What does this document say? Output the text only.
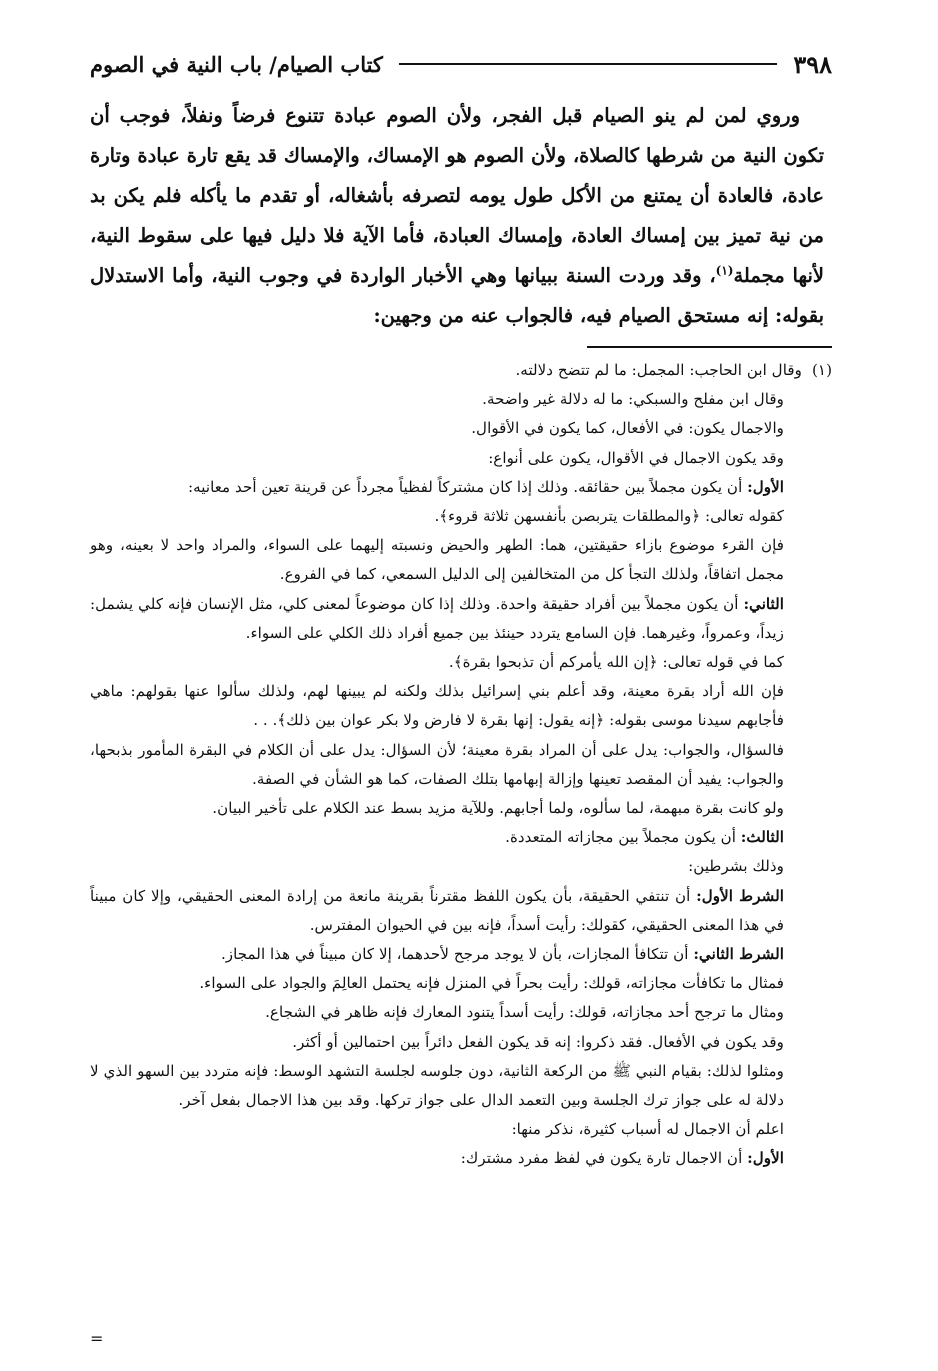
٣٩٨
كتاب الصيام/ باب النية في الصوم

وروي لمن لم ينو الصيام قبل الفجر، ولأن الصوم عبادة تتنوع فرضاً ونفلاً، فوجب أن تكون النية من شرطها كالصلاة، ولأن الصوم هو الإمساك، والإمساك قد يقع تارة عبادة وتارة عادة، فالعادة أن يمتنع من الأكل طول يومه لتصرفه بأشغاله، أو تقدم ما يأكله فلم يكن بد من نية تميز بين إمساك العادة، وإمساك العبادة، فأما الآية فلا دليل فيها على سقوط النية، لأنها مجملة$^{(١)}$، وقد وردت السنة ببيانها وهي الأخبار الواردة في وجوب النية، وأما الاستدلال بقوله: إنه مستحق الصيام فيه، فالجواب عنه من وجهين:

(١)وقال ابن الحاجب: المجمل: ما لم تتضح دلالته.

وقال ابن مفلح والسبكي: ما له دلالة غير واضحة.

والاجمال يكون: في الأفعال، كما يكون في الأقوال.

وقد يكون الاجمال في الأقوال، يكون على أنواع:

الأول: أن يكون مجملاً بين حقائقه. وذلك إذا كان مشتركاً لفظياً مجرداً عن قرينة تعين أحد معانيه:

كقوله تعالى: ﴿والمطلقات يتربصن بأنفسهن ثلاثة قروء﴾.

فإن القرء موضوع بازاء حقيقتين، هما: الطهر والحيض ونسبته إليهما على السواء، والمراد واحد لا بعينه، وهو مجمل اتفاقاً، ولذلك التجأ كل من المتخالفين إلى الدليل السمعي، كما في الفروع.

الثاني: أن يكون مجملاً بين أفراد حقيقة واحدة. وذلك إذا كان موضوعاً لمعنى كلي، مثل الإنسان فإنه كلي يشمل: زيداً، وعمرواً، وغيرهما. فإن السامع يتردد حينئذ بين جميع أفراد ذلك الكلي على السواء.

كما في قوله تعالى: ﴿إن الله يأمركم أن تذبحوا بقرة﴾.

فإن الله أراد بقرة معينة، وقد أعلم بني إسرائيل بذلك ولكنه لم يبينها لهم، ولذلك سألوا عنها بقولهم: ماهي فأجابهم سيدنا موسى بقوله: ﴿إنه يقول: إنها بقرة لا فارض ولا بكر عوان بين ذلك﴾. . .

فالسؤال، والجواب: يدل على أن المراد بقرة معينة؛ لأن السؤال: يدل على أن الكلام في البقرة المأمور بذبحها، والجواب: يفيد أن المقصد تعينها وإزالة إبهامها بتلك الصفات، كما هو الشأن في الصفة.

ولو كانت بقرة مبهمة، لما سألوه، ولما أجابهم. وللآية مزيد بسط عند الكلام على تأخير البيان.

الثالث: أن يكون مجملاً بين مجازاته المتعددة.

وذلك بشرطين:

الشرط الأول: أن تنتفي الحقيقة، بأن يكون اللفظ مقترناً بقرينة مانعة من إرادة المعنى الحقيقي، وإلا كان مبيناً في هذا المعنى الحقيقي، كقولك: رأيت أسداً، فإنه بين في الحيوان المفترس.

الشرط الثاني: أن تتكافأ المجازات، بأن لا يوجد مرجح لأحدهما، إلا كان مبيناً في هذا المجاز.

فمثال ما تكافأت مجازاته، قولك: رأيت بحراً في المنزل فإنه يحتمل العالِمَ والجواد على السواء.

ومثال ما ترجح أحد مجازاته، قولك: رأيت أسداً يتنود المعارك فإنه ظاهر في الشجاع.

وقد يكون في الأفعال. فقد ذكروا: إنه قد يكون الفعل دائراً بين احتمالين أو أكثر.

ومثلوا لذلك: بقيام النبي ﷺ من الركعة الثانية، دون جلوسه لجلسة التشهد الوسط: فإنه متردد بين السهو الذي لا دلالة له على جواز ترك الجلسة وبين التعمد الدال على جواز تركها. وقد بين هذا الاجمال بفعل آخر.

اعلم أن الاجمال له أسباب كثيرة، نذكر منها:

الأول: أن الاجمال تارة يكون في لفظ مفرد مشترك:

=
